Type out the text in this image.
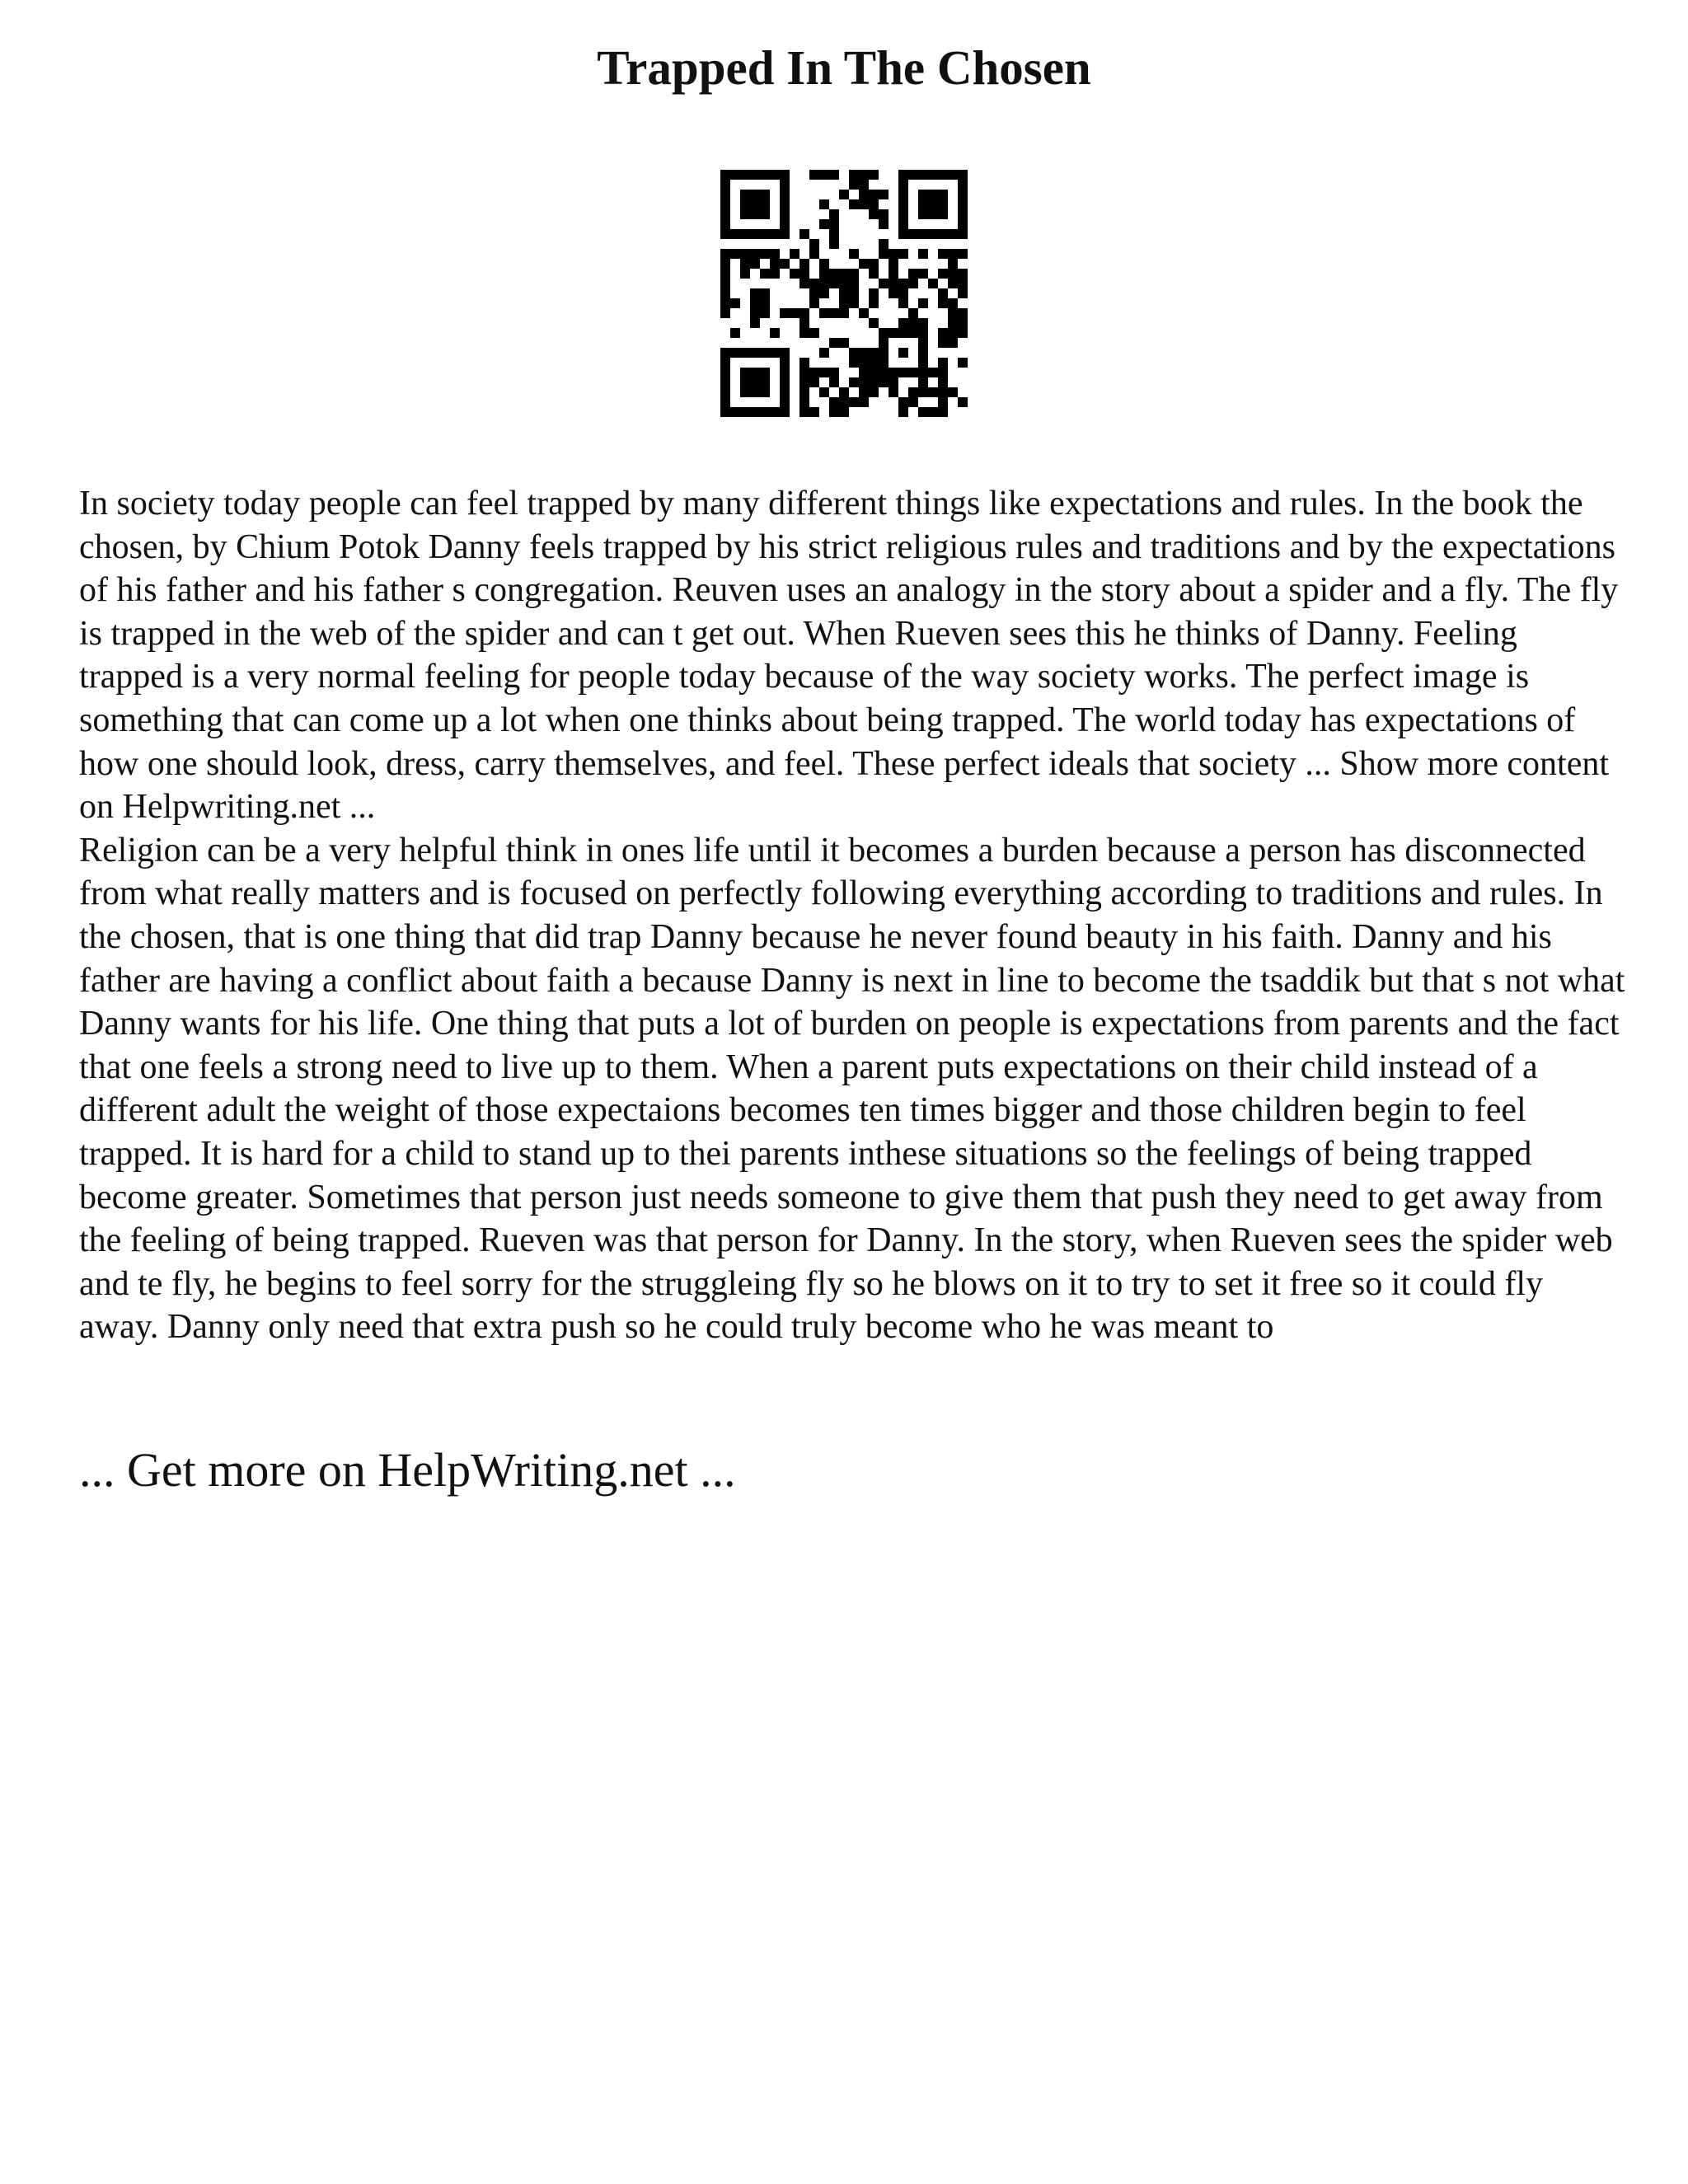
Trapped In The Chosen

In society today people can feel trapped by many different things like expectations and rules. In the book the chosen, by Chium Potok Danny feels trapped by his strict religious rules and traditions and by the expectations of his father and his father s congregation. Reuven uses an analogy in the story about a spider and a fly. The fly is trapped in the web of the spider and can t get out. When Rueven sees this he thinks of Danny. Feeling trapped is a very normal feeling for people today because of the way society works. The perfect image is something that can come up a lot when one thinks about being trapped. The world today has expectations of how one should look, dress, carry themselves, and feel. These perfect ideals that society ... Show more content on Helpwriting.net ...

Religion can be a very helpful think in ones life until it becomes a burden because a person has disconnected from what really matters and is focused on perfectly following everything according to traditions and rules. In the chosen, that is one thing that did trap Danny because he never found beauty in his faith. Danny and his father are having a conflict about faith a because Danny is next in line to become the tsaddik but that s not what Danny wants for his life. One thing that puts a lot of burden on people is expectations from parents and the fact that one feels a strong need to live up to them. When a parent puts expectations on their child instead of a different adult the weight of those expectaions becomes ten times bigger and those children begin to feel trapped. It is hard for a child to stand up to thei parents inthese situations so the feelings of being trapped become greater. Sometimes that person just needs someone to give them that push they need to get away from the feeling of being trapped. Rueven was that person for Danny. In the story, when Rueven sees the spider web and te fly, he begins to feel sorry for the struggleing fly so he blows on it to try to set it free so it could fly away. Danny only need that extra push so he could truly become who he was meant to

... Get more on HelpWriting.net ...
